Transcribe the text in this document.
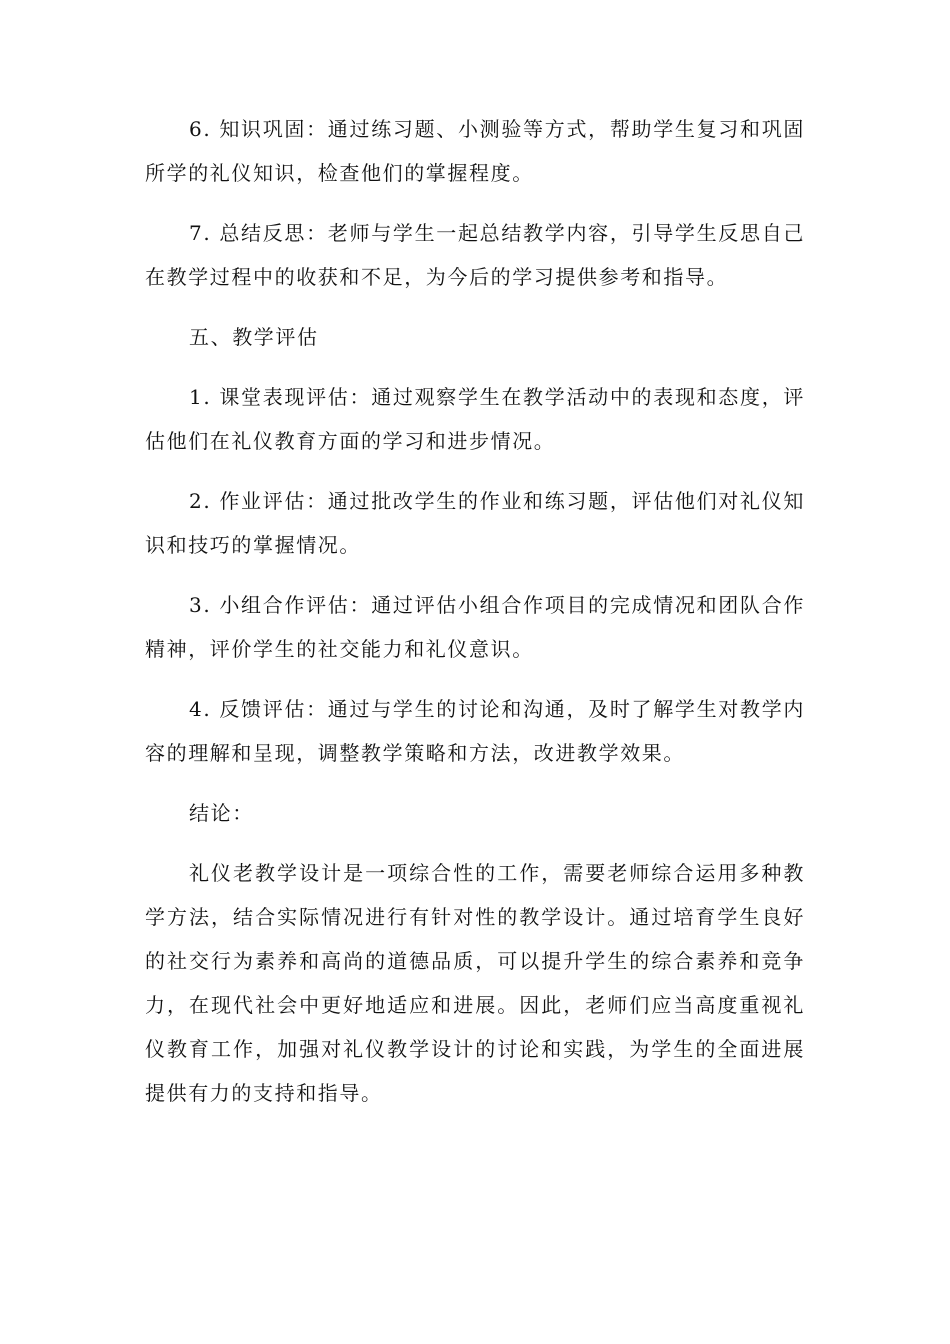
6. 知识巩固：通过练习题、小测验等方式，帮助学生复习和巩固所学的礼仪知识，检查他们的掌握程度。

7. 总结反思：老师与学生一起总结教学内容，引导学生反思自己在教学过程中的收获和不足，为今后的学习提供参考和指导。

五、教学评估

1. 课堂表现评估：通过观察学生在教学活动中的表现和态度，评估他们在礼仪教育方面的学习和进步情况。

2. 作业评估：通过批改学生的作业和练习题，评估他们对礼仪知识和技巧的掌握情况。

3. 小组合作评估：通过评估小组合作项目的完成情况和团队合作精神，评价学生的社交能力和礼仪意识。

4. 反馈评估：通过与学生的讨论和沟通，及时了解学生对教学内容的理解和呈现，调整教学策略和方法，改进教学效果。

结论：

礼仪老教学设计是一项综合性的工作，需要老师综合运用多种教学方法，结合实际情况进行有针对性的教学设计。通过培育学生良好的社交行为素养和高尚的道德品质，可以提升学生的综合素养和竞争力，在现代社会中更好地适应和进展。因此，老师们应当高度重视礼仪教育工作，加强对礼仪教学设计的讨论和实践，为学生的全面进展提供有力的支持和指导。
